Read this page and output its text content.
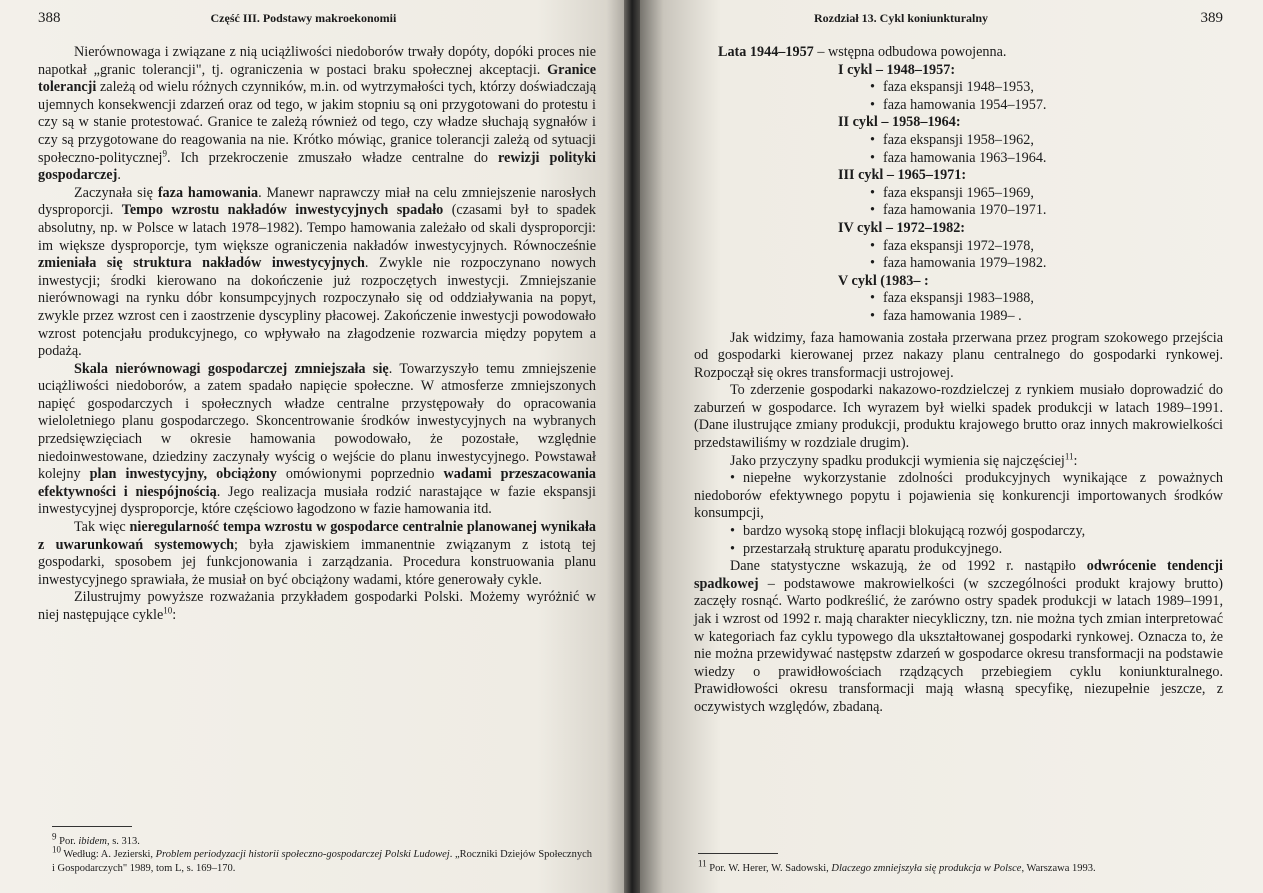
388	Część III. Podstawy makroekonomii

Nierównowaga i związane z nią uciążliwości niedoborów trwały dopóty, dopóki proces nie napotkał „granic tolerancji", tj. ograniczenia w postaci braku społecznej akceptacji. Granice tolerancji zależą od wielu różnych czynników, m.in. od wytrzymałości tych, którzy doświadczają ujemnych konsekwencji zdarzeń oraz od tego, w jakim stopniu są oni przygotowani do protestu i czy są w stanie protestować. Granice te zależą również od tego, czy władze słuchają sygnałów i czy są przygotowane do reagowania na nie. Krótko mówiąc, granice tolerancji zależą od sytuacji społeczno-politycznej$^9$. Ich przekroczenie zmuszało władze centralne do rewizji polityki gospodarczej.

Zaczynała się faza hamowania. Manewr naprawczy miał na celu zmniejszenie narosłych dysproporcji. Tempo wzrostu nakładów inwestycyjnych spadało (czasami był to spadek absolutny, np. w Polsce w latach 1978–1982). Tempo hamowania zależało od skali dysproporcji: im większe dysproporcje, tym większe ograniczenia nakładów inwestycyjnych. Równocześnie zmieniała się struktura nakładów inwestycyjnych. Zwykle nie rozpoczynano nowych inwestycji; środki kierowano na dokończenie już rozpoczętych inwestycji. Zmniejszanie nierównowagi na rynku dóbr konsumpcyjnych rozpoczynało się od oddziaływania na popyt, zwykle przez wzrost cen i zaostrzenie dyscypliny płacowej. Zakończenie inwestycji powodowało wzrost potencjału produkcyjnego, co wpływało na złagodzenie rozwarcia między popytem a podażą.

Skala nierównowagi gospodarczej zmniejszała się. Towarzyszyło temu zmniejszenie uciążliwości niedoborów, a zatem spadało napięcie społeczne. W atmosferze zmniejszonych napięć gospodarczych i społecznych władze centralne przystępowały do opracowania wieloletniego planu gospodarczego. Skoncentrowanie środków inwestycyjnych na wybranych przedsięwzięciach w okresie hamowania powodowało, że pozostałe, względnie niedoinwestowane, dziedziny zaczynały wyścig o wejście do planu inwestycyjnego. Powstawał kolejny plan inwestycyjny, obciążony omówionymi poprzednio wadami przeszacowania efektywności i niespójnością. Jego realizacja musiała rodzić narastające w fazie ekspansji inwestycyjnej dysproporcje, które częściowo łagodzono w fazie hamowania itd.

Tak więc nieregularność tempa wzrostu w gospodarce centralnie planowanej wynikała z uwarunkowań systemowych; była zjawiskiem immanentnie związanym z istotą tej gospodarki, sposobem jej funkcjonowania i zarządzania. Procedura konstruowania planu inwestycyjnego sprawiała, że musiał on być obciążony wadami, które generowały cykle.

Zilustrujmy powyższe rozważania przykładem gospodarki Polski. Możemy wyróżnić w niej następujące cykle$^{10}$:

$^9$ Por. ibidem, s. 313.

$^{10}$ Według: A. Jezierski, Problem periodyzacji historii społeczno-gospodarczej Polski Ludowej. „Roczniki Dziejów Społecznych i Gospodarczych" 1989, tom L, s. 169–170.

Rozdział 13. Cykl koniunkturalny	389
Lata 1944–1957 – wstępna odbudowa powojenna.
I cykl – 1948–1957:
• faza ekspansji 1948–1953,
• faza hamowania 1954–1957.
II cykl – 1958–1964:
• faza ekspansji 1958–1962,
• faza hamowania 1963–1964.
III cykl – 1965–1971:
• faza ekspansji 1965–1969,
• faza hamowania 1970–1971.
IV cykl – 1972–1982:
• faza ekspansji 1972–1978,
• faza hamowania 1979–1982.
V cykl (1983– :
• faza ekspansji 1983–1988,
• faza hamowania 1989– .

Jak widzimy, faza hamowania została przerwana przez program szokowego przejścia od gospodarki kierowanej przez nakazy planu centralnego do gospodarki rynkowej. Rozpoczął się okres transformacji ustrojowej.

To zderzenie gospodarki nakazowo-rozdzielczej z rynkiem musiało doprowadzić do zaburzeń w gospodarce. Ich wyrazem był wielki spadek produkcji w latach 1989–1991. (Dane ilustrujące zmiany produkcji, produktu krajowego brutto oraz innych makrowielkości przedstawiliśmy w rozdziale drugim).

Jako przyczyny spadku produkcji wymienia się najczęściej$^{11}$:

• niepełne wykorzystanie zdolności produkcyjnych wynikające z poważnych niedoborów efektywnego popytu i pojawienia się konkurencji importowanych środków konsumpcji,

• bardzo wysoką stopę inflacji blokującą rozwój gospodarczy,

• przestarzałą strukturę aparatu produkcyjnego.

Dane statystyczne wskazują, że od 1992 r. nastąpiło odwrócenie tendencji spadkowej – podstawowe makrowielkości (w szczególności produkt krajowy brutto) zaczęły rosnąć. Warto podkreślić, że zarówno ostry spadek produkcji w latach 1989–1991, jak i wzrost od 1992 r. mają charakter niecykliczny, tzn. nie można tych zmian interpretować w kategoriach faz cyklu typowego dla ukształtowanej gospodarki rynkowej. Oznacza to, że nie można przewidywać następstw zdarzeń w gospodarce okresu transformacji na podstawie wiedzy o prawidłowościach rządzących przebiegiem cyklu koniunkturalnego. Prawidłowości okresu transformacji mają własną specyfikę, niezupełnie jeszcze, z oczywistych względów, zbadaną.

$^{11}$ Por. W. Herer, W. Sadowski, Dlaczego zmniejszyła się produkcja w Polsce, Warszawa 1993.
